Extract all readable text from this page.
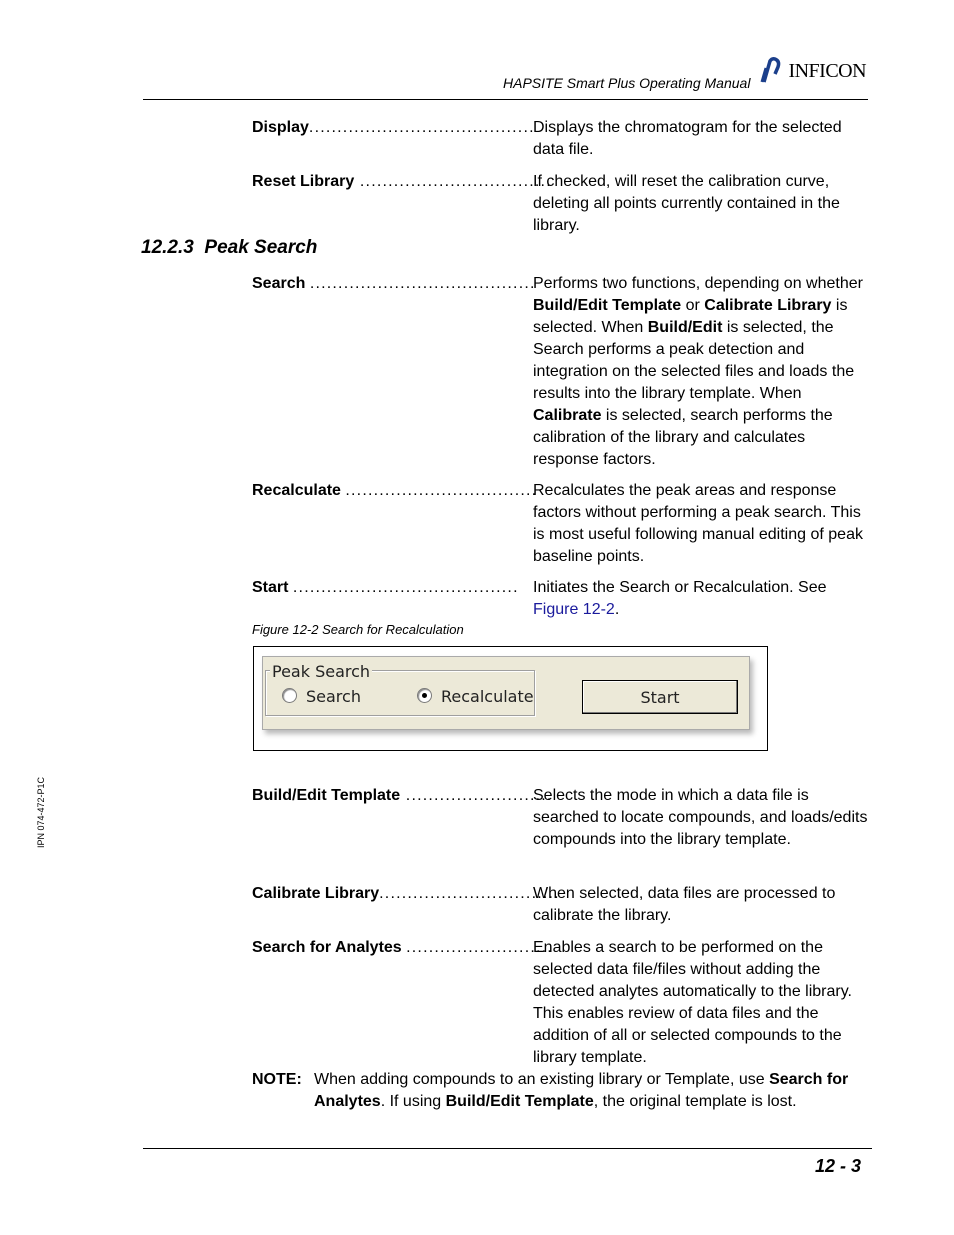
HAPSITE Smart Plus Operating Manual
INFICON
Display........................................
Displays the chromatogram for the selected data file.
Reset Library ..................................
If checked, will reset the calibration curve, deleting all points currently contained in the library.
12.2.3 Peak Search
Search ........................................
Performs two functions, depending on whether Build/Edit Template or Calibrate Library is selected. When Build/Edit is selected, the Search performs a peak detection and integration on the selected files and loads the results into the library template. When Calibrate is selected, search performs the calibration of the library and calculates response factors.
Recalculate ..................................
Recalculates the peak areas and response factors without performing a peak search. This is most useful following manual editing of peak baseline points.
Start ........................................ Initiates the Search or Recalculation. See Figure 12-2.
Figure 12-2 Search for Recalculation
Peak Search
Search	Recalculate	Start
IPN 074-472-P1C	Build/Edit Template ..........................
Selects the mode in which a data file is searched to locate compounds, and loads/edits compounds into the library template.
Calibrate Library................................
When selected, data files are processed to calibrate the library.
Search for Analytes ..........................
Enables a search to be performed on the selected data file/files without adding the detected analytes automatically to the library. This enables review of data files and the addition of all or selected compounds to the library template.
NOTE: When adding compounds to an existing library or Template, use Search for Analytes. If using Build/Edit Template, the original template is lost.
12 - 3
